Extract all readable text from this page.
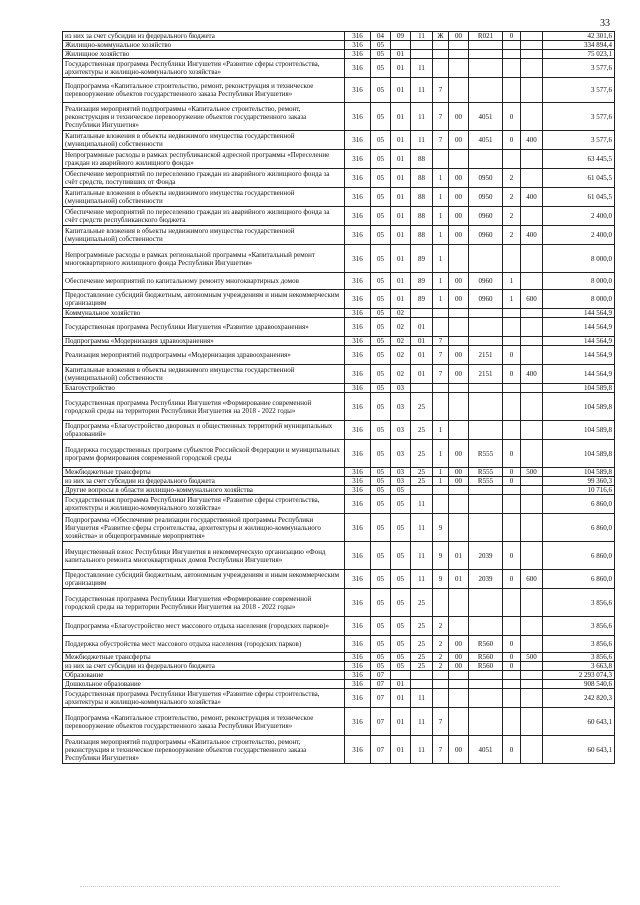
33
из них за счет субсидии из федерального бюджета	316	04	09	11	Ж	00	R021	0		42 301,6
Жилищно-коммунальное хозяйство	316	05								334 894,4
Жилищное хозяйство	316	05	01							75 023,1
Государственная программа Республики Ингушетия «Развитие сферы строительства, архитектуры и жилищно-коммунального хозяйства»	316	05	01	11						3 577,6
Подпрограмма «Капитальное строительство, ремонт, реконструкция и техническое перевооружение объектов государственного заказа Республики Ингушетия»	316	05	01	11	7					3 577,6
Реализация мероприятий подпрограммы «Капитальное строительство, ремонт, реконструкция и техническое перевооружение объектов государственного заказа Республики Ингушетия»	316	05	01	11	7	00	4051	0		3 577,6
Капитальные вложения в объекты недвижимого имущества государственной (муниципальной) собственности	316	05	01	11	7	00	4051	0	400	3 577,6
Непрограммные расходы в рамках республиканской адресной программы «Переселение граждан из аварийного жилищного фонда»	316	05	01	88						63 445,5
Обеспечение мероприятий по переселению граждан из аварийного жилищного фонда за счёт средств, поступивших от Фонда	316	05	01	88	1	00	0950	2		61 045,5
Капитальные вложения в объекты недвижимого имущества государственной (муниципальной) собственности	316	05	01	88	1	00	0950	2	400	61 045,5
Обеспечение мероприятий по переселению граждан из аварийного жилищного фонда за счёт средств республиканского бюджета	316	05	01	88	1	00	0960	2		2 400,0
Капитальные вложения в объекты недвижимого имущества государственной (муниципальной) собственности	316	05	01	88	1	00	0960	2	400	2 400,0
Непрограммные расходы в рамках региональной программы «Капитальный ремонт многоквартирного жилищного фонда Республики Ингушетия»	316	05	01	89	1					8 000,0
Обеспечение мероприятий по капитальному ремонту многоквартирных домов	316	05	01	89	1	00	0960	1		8 000,0
Предоставление субсидий бюджетным, автономным учреждениям и иным некоммерческим организациям	316	05	01	89	1	00	0960	1	600	8 000,0
Коммунальное хозяйство	316	05	02							144 564,9
Государственная программа Республики Ингушетия «Развитие здравоохранения»	316	05	02	01						144 564,9
Подпрограмма «Модернизация здравоохранения»	316	05	02	01	7					144 564,9
Реализация мероприятий подпрограммы «Модернизация здравоохранения»	316	05	02	01	7	00	2151	0		144 564,9
Капитальные вложения в объекты недвижимого имущества государственной (муниципальной) собственности	316	05	02	01	7	00	2151	0	400	144 564,9
Благоустройство	316	05	03							104 589,8
Государственная программа Республики Ингушетия «Формирование современной городской среды на территории Республики Ингушетия на 2018 - 2022 годы»	316	05	03	25						104 589,8
Подпрограмма «Благоустройство дворовых и общественных территорий муниципальных образований»	316	05	03	25	1					104 589,8
Поддержка государственных программ субъектов Российской Федерации и муниципальных программ формирования современной городской среды	316	05	03	25	1	00	R555	0		104 589,8
Межбюджетные трансферты	316	05	03	25	1	00	R555	0	500	104 589,8
из них за счет субсидии из федерального бюджета	316	05	03	25	1	00	R555	0		99 360,3
Другие вопросы в области жилищно-коммунального хозяйства	316	05	05							10 716,6
Государственная программа Республики Ингушетия «Развитие сферы строительства, архитектуры и жилищно-коммунального хозяйства»	316	05	05	11						6 860,0
Подпрограмма «Обеспечение реализации государственной программы Республики Ингушетия «Развитие сферы строительства, архитектуры и жилищно-коммунального хозяйства» и общепрограммные мероприятия»	316	05	05	11	9					6 860,0
Имущественный взнос Республики Ингушетия в некоммерческую организацию «Фонд капитального ремонта многоквартирных домов Республики Ингушетия»	316	05	05	11	9	01	2039	0		6 860,0
Предоставление субсидий бюджетным, автономным учреждениям и иным некоммерческим организациям	316	05	05	11	9	01	2039	0	600	6 860,0
Государственная программа Республики Ингушетия «Формирование современной городской среды на территории Республики Ингушетия на 2018 - 2022 годы»	316	05	05	25						3 856,6
Подпрограмма «Благоустройство мест массового отдыха населения (городских парков)»	316	05	05	25	2					3 856,6
Поддержка обустройства мест массового отдыха населения (городских парков)	316	05	05	25	2	00	R560	0		3 856,6
Межбюджетные трансферты	316	05	05	25	2	00	R560	0	500	3 856,6
из них за счет субсидии из федерального бюджета	316	05	05	25	2	00	R560	0		3 663,8
Образование	316	07								2 293 074,3
Дошкольное образование	316	07	01							908 540,6
Государственная программа Республики Ингушетия «Развитие сферы строительства, архитектуры и жилищно-коммунального хозяйства»	316	07	01	11						242 820,3
Подпрограмма «Капитальное строительство, ремонт, реконструкция и техническое перевооружение объектов государственного заказа Республики Ингушетия»	316	07	01	11	7					60 643,1
Реализация мероприятий подпрограммы «Капитальное строительство, ремонт, реконструкция и техническое перевооружение объектов государственного заказа Республики Ингушетия»	316	07	01	11	7	00	4051	0		60 643,1
